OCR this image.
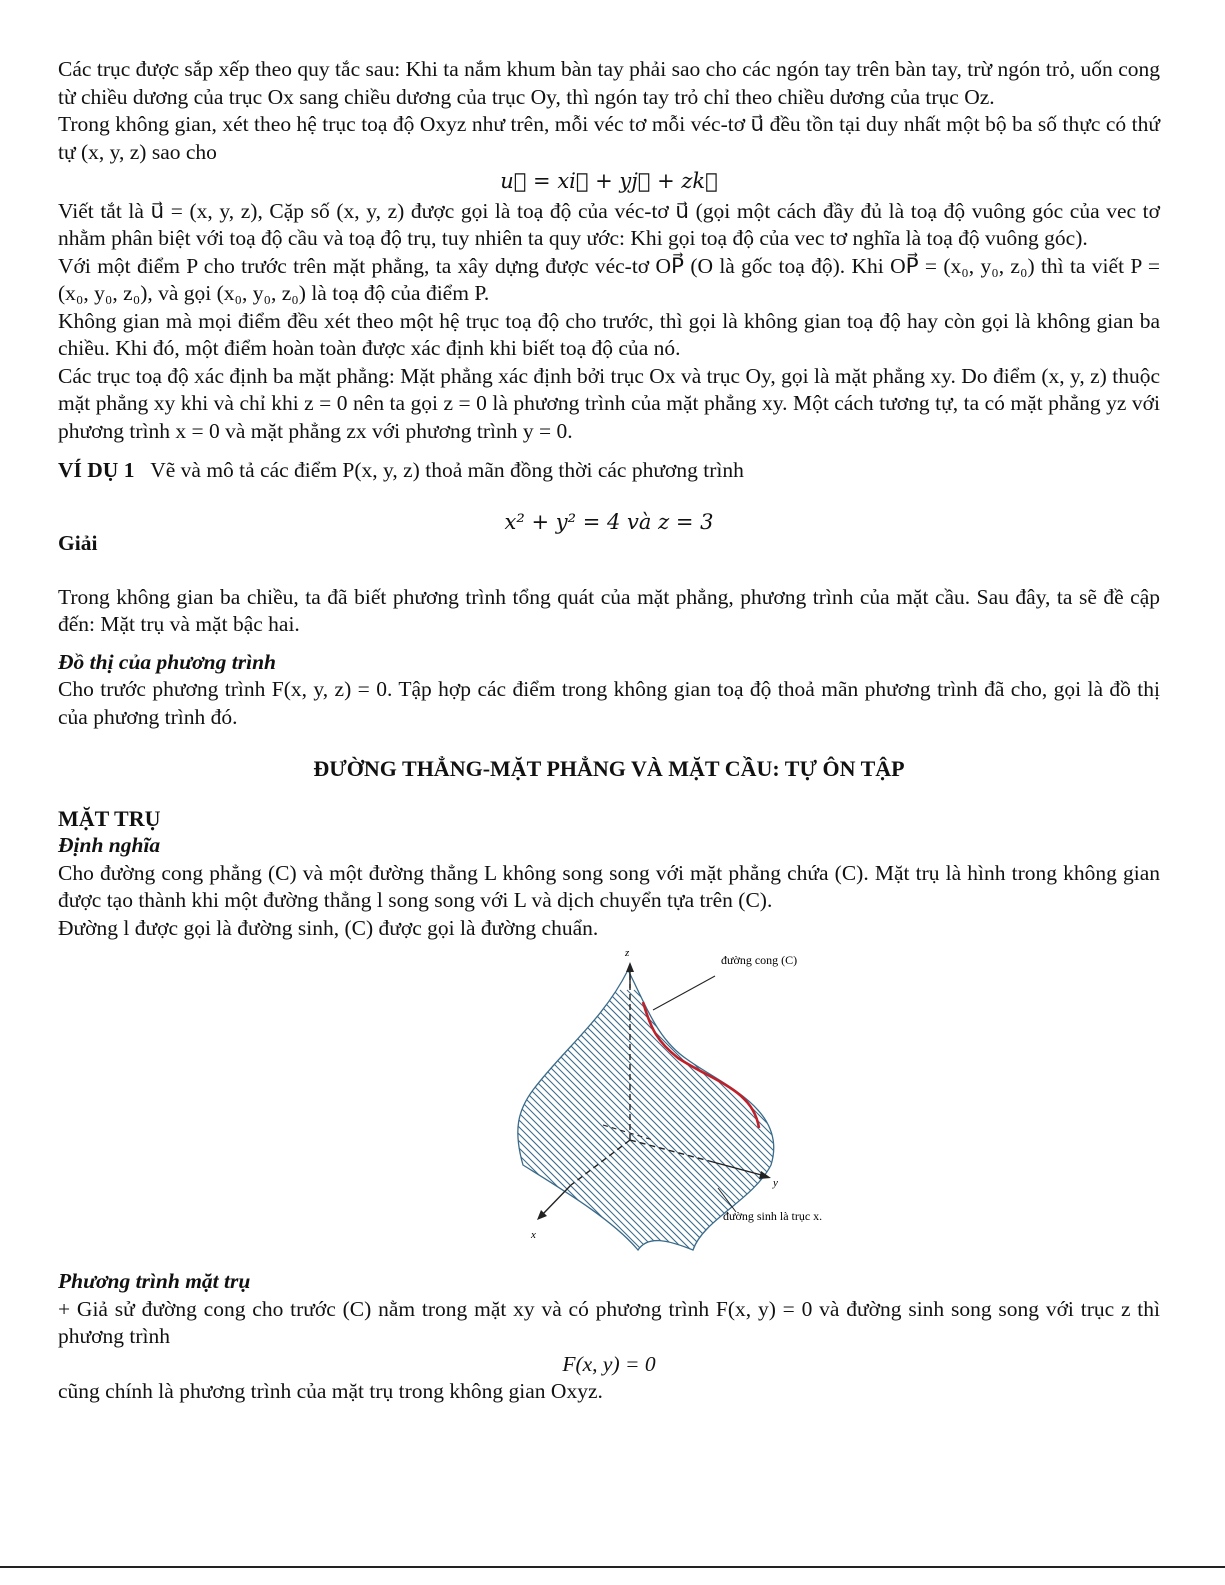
Các trục được sắp xếp theo quy tắc sau: Khi ta nắm khum bàn tay phải sao cho các ngón tay trên bàn tay, trừ ngón trỏ, uốn cong từ chiều dương của trục Ox sang chiều dương của trục Oy, thì ngón tay trỏ chỉ theo chiều dương của trục Oz.

Trong không gian, xét theo hệ trục toạ độ Oxyz như trên, mỗi véc tơ mỗi véc-tơ u⃗ đều tồn tại duy nhất một bộ ba số thực có thứ tự (x, y, z) sao cho

u⃗ = xi⃗ + yj⃗ + zk⃗

Viết tắt là u⃗ = (x, y, z), Cặp số (x, y, z) được gọi là toạ độ của véc-tơ u⃗ (gọi một cách đầy đủ là toạ độ vuông góc của vec tơ nhằm phân biệt với toạ độ cầu và toạ độ trụ, tuy nhiên ta quy ước: Khi gọi toạ độ của vec tơ nghĩa là toạ độ vuông góc).

Với một điểm P cho trước trên mặt phẳng, ta xây dựng được véc-tơ OP⃗ (O là gốc toạ độ). Khi OP⃗ = (x₀, y₀, z₀) thì ta viết P = (x₀, y₀, z₀), và gọi (x₀, y₀, z₀) là toạ độ của điểm P.

Không gian mà mọi điểm đều xét theo một hệ trục toạ độ cho trước, thì gọi là không gian toạ độ hay còn gọi là không gian ba chiều. Khi đó, một điểm hoàn toàn được xác định khi biết toạ độ của nó.

Các trục toạ độ xác định ba mặt phẳng: Mặt phẳng xác định bởi trục Ox và trục Oy, gọi là mặt phẳng xy. Do điểm (x, y, z) thuộc mặt phẳng xy khi và chỉ khi z = 0 nên ta gọi z = 0 là phương trình của mặt phẳng xy. Một cách tương tự, ta có mặt phẳng yz với phương trình x = 0 và mặt phẳng zx với phương trình y = 0.

VÍ DỤ 1 Vẽ và mô tả các điểm P(x, y, z) thoả mãn đồng thời các phương trình

x² + y² = 4 và z = 3

Giải

Trong không gian ba chiều, ta đã biết phương trình tổng quát của mặt phẳng, phương trình của mặt cầu. Sau đây, ta sẽ đề cập đến: Mặt trụ và mặt bậc hai.

Đồ thị của phương trình

Cho trước phương trình F(x, y, z) = 0. Tập hợp các điểm trong không gian toạ độ thoả mãn phương trình đã cho, gọi là đồ thị của phương trình đó.

ĐƯỜNG THẲNG-MẶT PHẲNG VÀ MẶT CẦU: TỰ ÔN TẬP

MẶT TRỤ

Định nghĩa

Cho đường cong phẳng (C) và một đường thẳng L không song song với mặt phẳng chứa (C). Mặt trụ là hình trong không gian được tạo thành khi một đường thẳng l song song với L và dịch chuyển tựa trên (C).

Đường l được gọi là đường sinh, (C) được gọi là đường chuẩn.

z
y
x
đường cong (C)
đường sinh là trục x.

Phương trình mặt trụ

+ Giả sử đường cong cho trước (C) nằm trong mặt xy và có phương trình F(x, y) = 0 và đường sinh song song với trục z thì phương trình

F(x, y) = 0

cũng chính là phương trình của mặt trụ trong không gian Oxyz.
